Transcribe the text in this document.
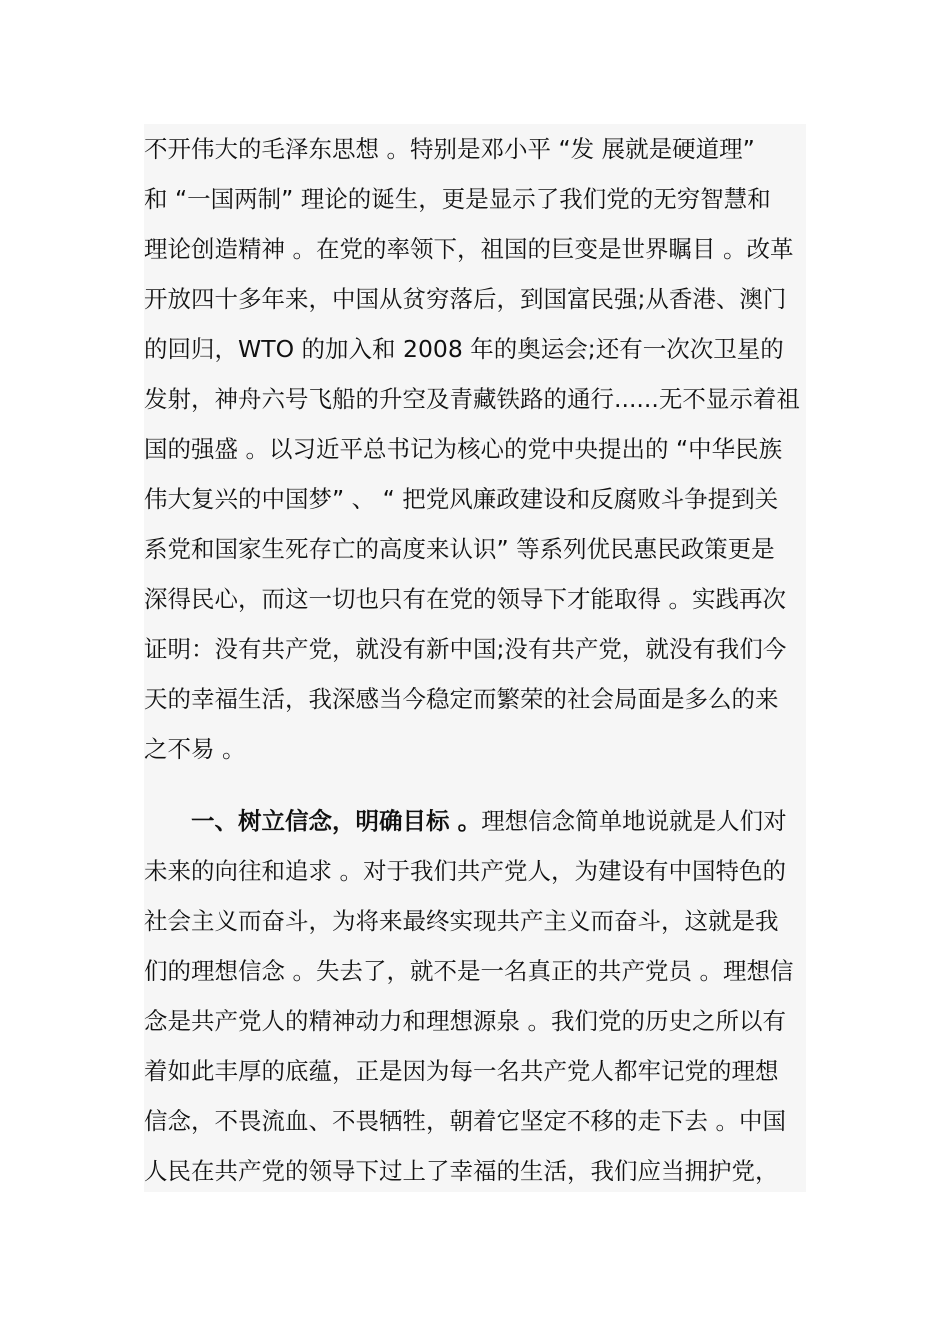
不开伟大的毛泽东思想 。特别是邓小平 “发 展就是硬道理”
和 “一国两制” 理论的诞生，更是显示了我们党的无穷智慧和
理论创造精神 。在党的率领下，祖国的巨变是世界瞩目 。改革
开放四十多年来，中国从贫穷落后，到国富民强;从香港、澳门
的回归，WTO 的加入和 2008 年的奥运会;还有一次次卫星的
发射，神舟六号飞船的升空及青藏铁路的通行......无不显示着祖
国的强盛 。以习近平总书记为核心的党中央提出的 “中华民族
伟大复兴的中国梦” 、 “ 把党风廉政建设和反腐败斗争提到关
系党和国家生死存亡的高度来认识” 等系列优民惠民政策更是
深得民心，而这一切也只有在党的领导下才能取得 。实践再次
证明：没有共产党，就没有新中国;没有共产党，就没有我们今
天的幸福生活，我深感当今稳定而繁荣的社会局面是多么的来
之不易 。

一、树立信念，明确目标 。理想信念简单地说就是人们对
未来的向往和追求 。对于我们共产党人，为建设有中国特色的
社会主义而奋斗，为将来最终实现共产主义而奋斗，这就是我
们的理想信念 。失去了，就不是一名真正的共产党员 。理想信
念是共产党人的精神动力和理想源泉 。我们党的历史之所以有
着如此丰厚的底蕴，正是因为每一名共产党人都牢记党的理想
信念，不畏流血、不畏牺牲，朝着它坚定不移的走下去 。中国
人民在共产党的领导下过上了幸福的生活，我们应当拥护党，
